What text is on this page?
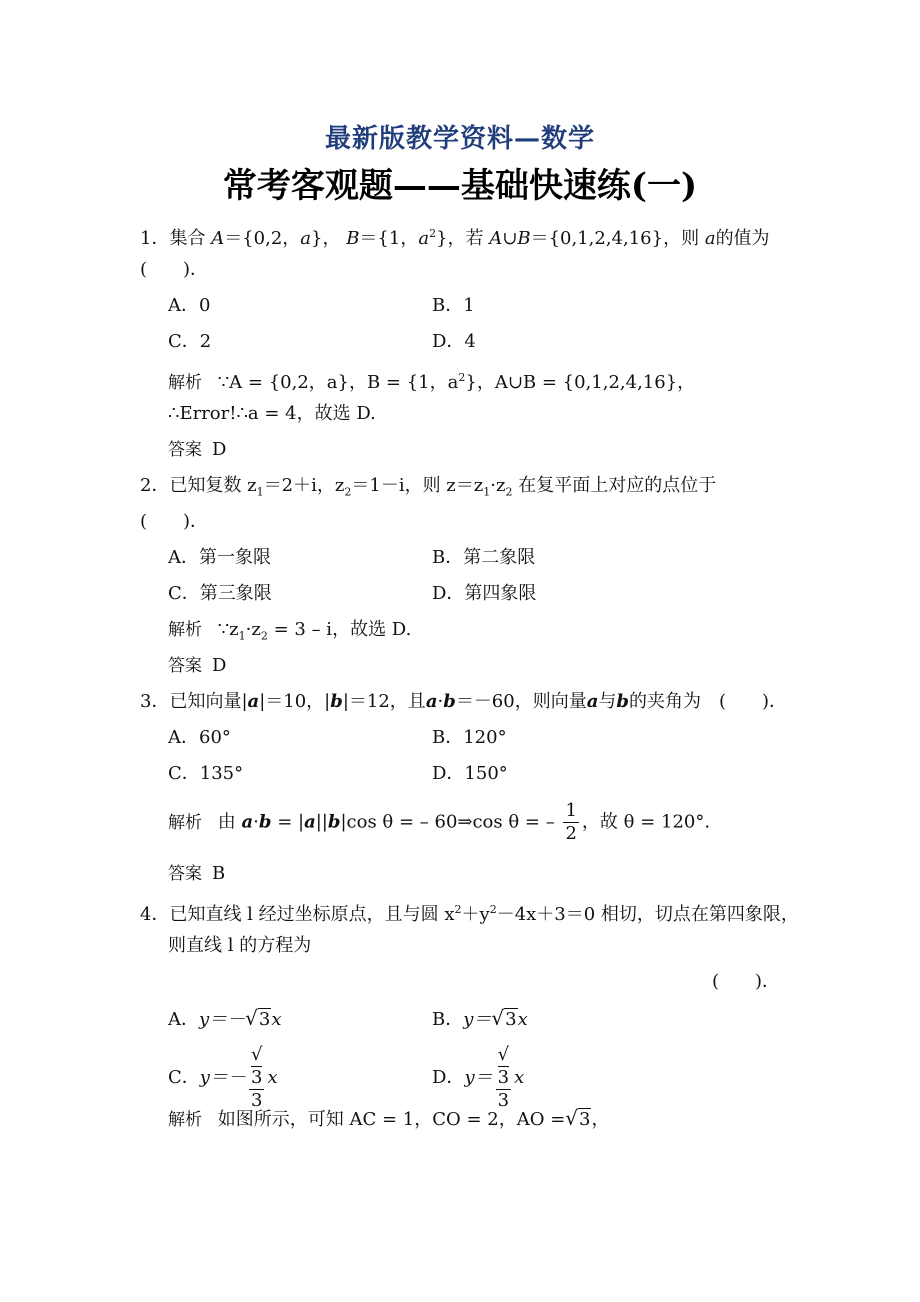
最新版教学资料—数学
常考客观题——基础快速练(一)
1．集合 A＝{0,2，a}， B＝{1，$a^2$}，若 A∪B＝{0,1,2,4,16}，则 a的值为
(　　)．
A．0	B．1
C．2	D．4
解析 ∵A = {0,2，a}，B = {1，$a^2$}，A∪B = {0,1,2,4,16}，
∴Error!∴a = 4，故选 D.
答案 D
2．已知复数 $z_1=2+i$，$z_2=1-i$，则 $z=z_1\cdot z_2$ 在复平面上对应的点位于
(　　)．
A．第一象限	B．第二象限
C．第三象限	D．第四象限
解析 $\because z_1\cdot z_2 = 3 - i$，故选 D.
答案 D
3．已知向量|a|＝10，|b|＝12，且a·b＝－60，则向量a与b的夹角为　(　　)．
A．60°	B．120°
C．135°	D．150°
解析 由 a·b = |a||b|cos θ = – 60⇒cos θ = – $\frac{1}{2}$ ，故 θ = 120°.
答案 B
4．已知直线 l 经过坐标原点，且与圆 $x^2+y^2-4x+3=0$ 相切，切点在第四象限，
则直线 l 的方程为
(　　)．
A．y＝－√3x	B．y＝√3x
C．y＝－ √
3
3 x	D．y＝ √
3
3 x
解析 如图所示，可知 AC = 1，CO = 2，AO =√3，
